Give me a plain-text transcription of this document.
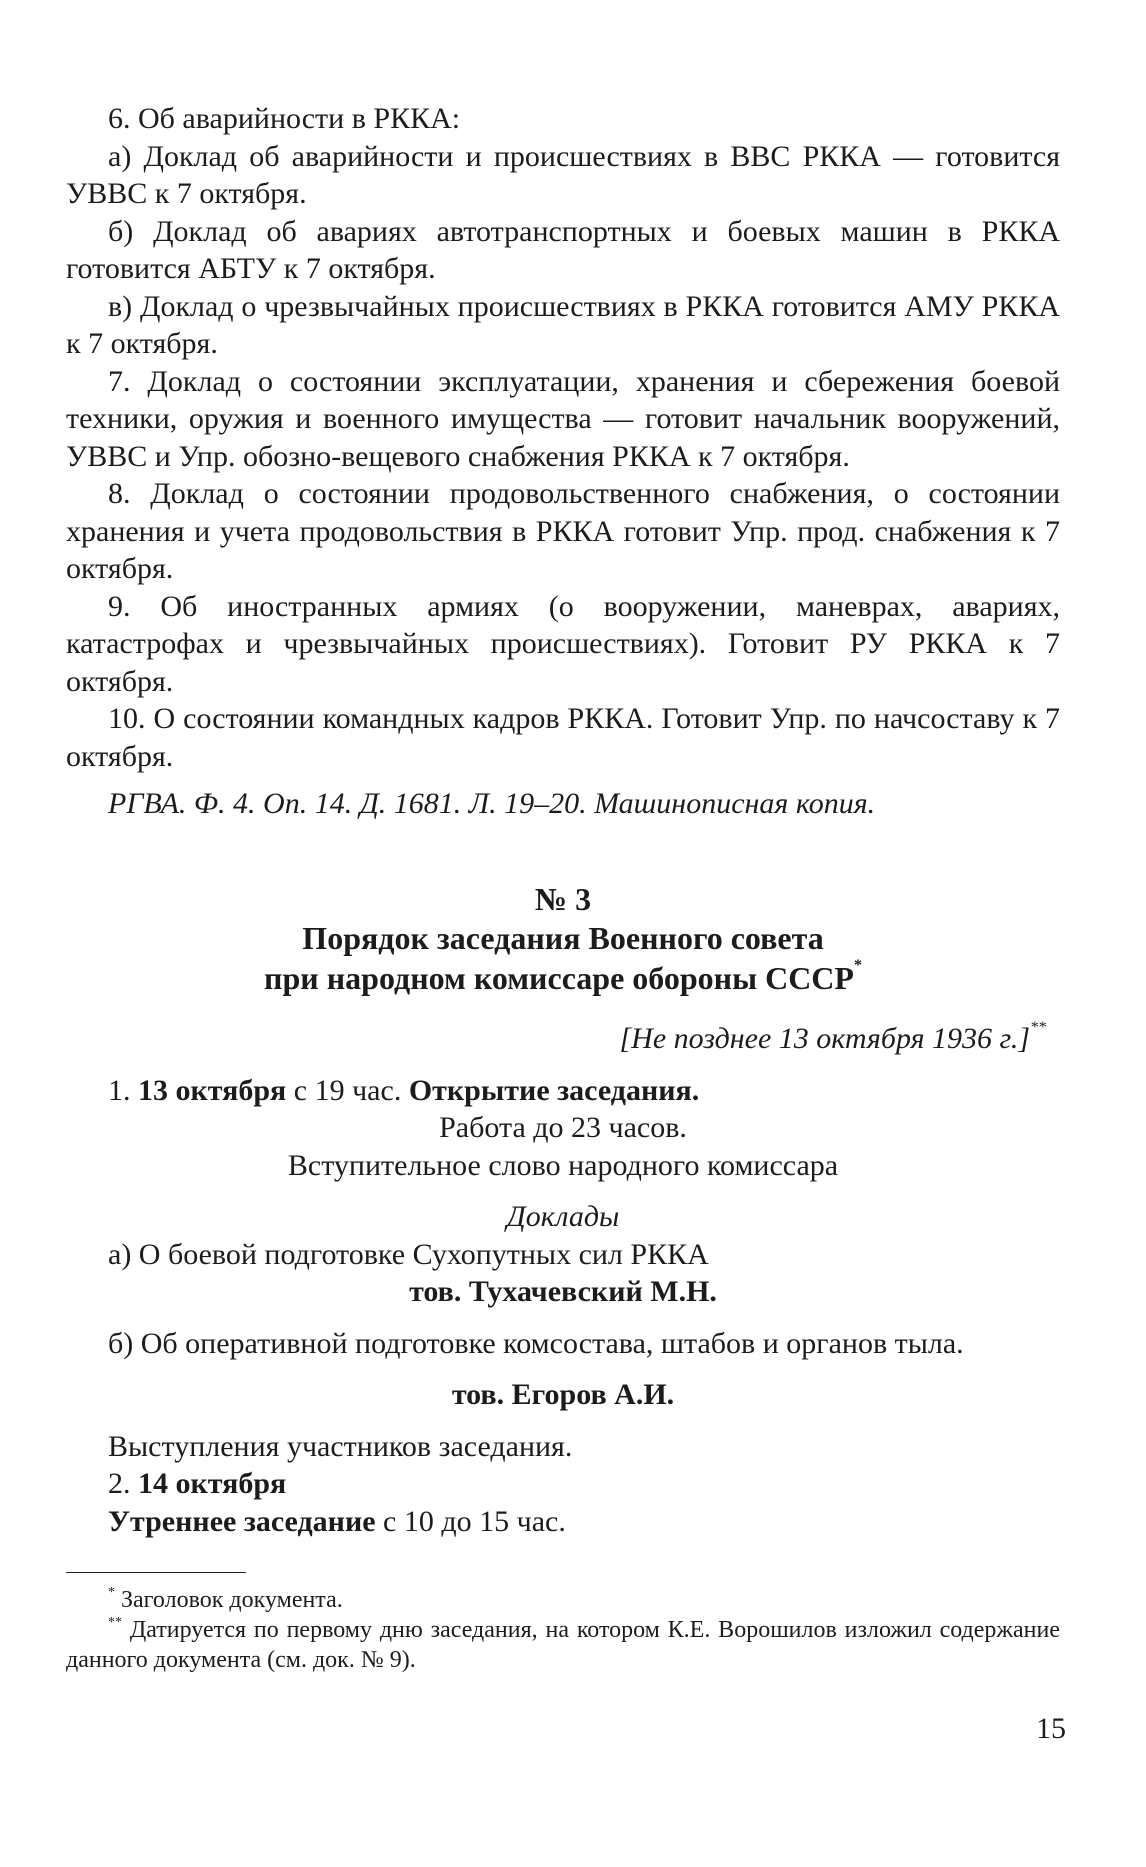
6. Об аварийности в РККА:

а) Доклад об аварийности и происшествиях в ВВС РККА — готовится УВВС к 7 октября.

б) Доклад об авариях автотранспортных и боевых машин в РККА готовится АБТУ к 7 октября.

в) Доклад о чрезвычайных происшествиях в РККА готовится АМУ РККА к 7 октября.

7. Доклад о состоянии эксплуатации, хранения и сбережения боевой техники, оружия и военного имущества — готовит начальник вооружений, УВВС и Упр. обозно-вещевого снабжения РККА к 7 октября.

8. Доклад о состоянии продовольственного снабжения, о состоянии хранения и учета продовольствия в РККА готовит Упр. прод. снабжения к 7 октября.

9. Об иностранных армиях (о вооружении, маневрах, авариях, катастрофах и чрезвычайных происшествиях). Готовит РУ РККА к 7 октября.

10. О состоянии командных кадров РККА. Готовит Упр. по начсоставу к 7 октября.

РГВА. Ф. 4. Оп. 14. Д. 1681. Л. 19–20. Машинописная копия.

№ 3
Порядок заседания Военного совета
при народном комиссаре обороны СССР*
[Не позднее 13 октября 1936 г.]**

1. 13 октября с 19 час. Открытие заседания.

Работа до 23 часов.

Вступительное слово народного комиссара

Доклады

а) О боевой подготовке Сухопутных сил РККА

тов. Тухачевский М.Н.

б) Об оперативной подготовке комсостава, штабов и органов тыла.

тов. Егоров А.И.

Выступления участников заседания.

2. 14 октября

Утреннее заседание с 10 до 15 час.

* Заголовок документа.

** Датируется по первому дню заседания, на котором К.Е. Ворошилов изложил содержание данного документа (см. док. № 9).

15
